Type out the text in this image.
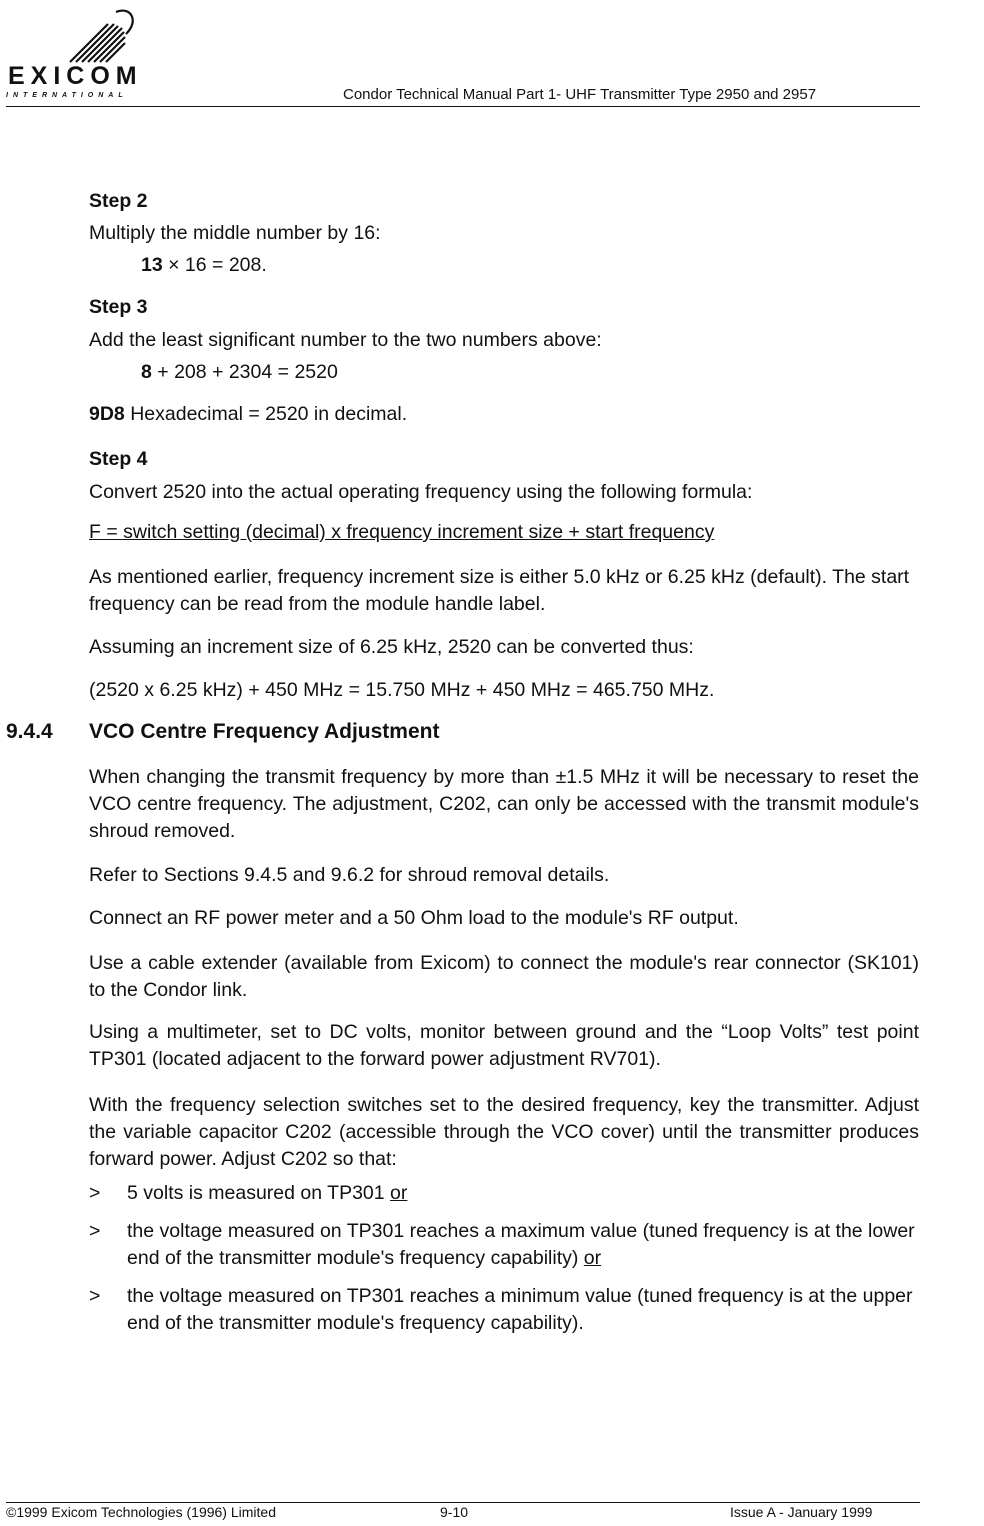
EXICOM
INTERNATIONAL	Condor Technical Manual Part 1- UHF Transmitter Type 2950 and 2957
Step 2
Multiply the middle number by 16:
13 × 16 = 208.
Step 3
Add the least significant number to the two numbers above:
8 + 208 + 2304 = 2520
9D8 Hexadecimal = 2520 in decimal.
Step 4
Convert 2520 into the actual operating frequency using the following formula:
F = switch setting (decimal) x frequency increment size + start frequency
As mentioned earlier, frequency increment size is either 5.0 kHz or 6.25 kHz (default). The start frequency can be read from the module handle label.
Assuming an increment size of 6.25 kHz, 2520 can be converted thus:
(2520 x 6.25 kHz) + 450 MHz = 15.750 MHz + 450 MHz = 465.750 MHz.
9.4.4 VCO Centre Frequency Adjustment
When changing the transmit frequency by more than ±1.5 MHz it will be necessary to reset the VCO centre frequency. The adjustment, C202, can only be accessed with the transmit module's shroud removed.
Refer to Sections 9.4.5 and 9.6.2 for shroud removal details.
Connect an RF power meter and a 50 Ohm load to the module's RF output.
Use a cable extender (available from Exicom) to connect the module's rear connector (SK101) to the Condor link.
Using a multimeter, set to DC volts, monitor between ground and the “Loop Volts” test point TP301 (located adjacent to the forward power adjustment RV701).
With the frequency selection switches set to the desired frequency, key the transmitter. Adjust the variable capacitor C202 (accessible through the VCO cover) until the transmitter produces forward power. Adjust C202 so that:
> 5 volts is measured on TP301 or
> the voltage measured on TP301 reaches a maximum value (tuned frequency is at the lower end of the transmitter module's frequency capability) or
> the voltage measured on TP301 reaches a minimum value (tuned frequency is at the upper end of the transmitter module's frequency capability).
©1999 Exicom Technologies (1996) Limited	9-10	Issue A - January 1999
